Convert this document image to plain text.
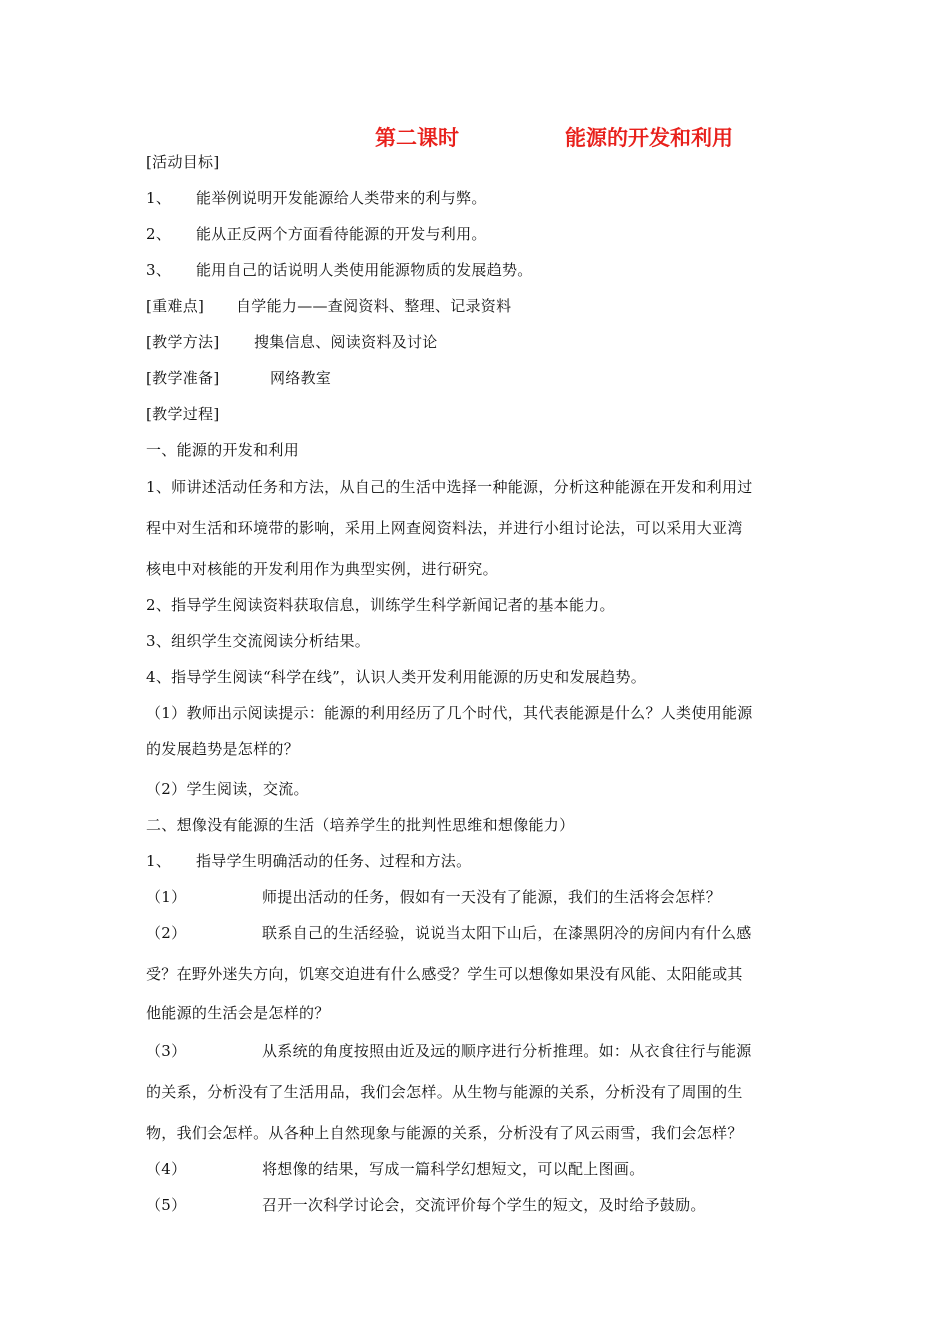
第二课时	能源的开发和利用
[活动目标]
1、 能举例说明开发能源给人类带来的利与弊。
2、 能从正反两个方面看待能源的开发与利用。
3、 能用自己的话说明人类使用能源物质的发展趋势。
[重难点] 自学能力——查阅资料、整理、记录资料
[教学方法] 搜集信息、阅读资料及讨论
[教学准备]	网络教室
[教学过程]
一、能源的开发和利用
1、师讲述活动任务和方法，从自己的生活中选择一种能源，分析这种能源在开发和利用过
程中对生活和环境带的影响，采用上网查阅资料法，并进行小组讨论法，可以采用大亚湾
核电中对核能的开发利用作为典型实例，进行研究。
2、指导学生阅读资料获取信息，训练学生科学新闻记者的基本能力。
3、组织学生交流阅读分析结果。
4、指导学生阅读“科学在线”，认识人类开发利用能源的历史和发展趋势。
（1）教师出示阅读提示：能源的利用经历了几个时代，其代表能源是什么？人类使用能源
的发展趋势是怎样的？
（2）学生阅读，交流。
二、想像没有能源的生活（培养学生的批判性思维和想像能力）
1、 指导学生明确活动的任务、过程和方法。
（1）	师提出活动的任务，假如有一天没有了能源，我们的生活将会怎样？
（2）	联系自己的生活经验，说说当太阳下山后，在漆黑阴冷的房间内有什么感
受？在野外迷失方向，饥寒交迫进有什么感受？学生可以想像如果没有风能、太阳能或其
他能源的生活会是怎样的？
（3）	从系统的角度按照由近及远的顺序进行分析推理。如：从衣食往行与能源
的关系，分析没有了生活用品，我们会怎样。从生物与能源的关系，分析没有了周围的生
物，我们会怎样。从各种上自然现象与能源的关系，分析没有了风云雨雪，我们会怎样？
（4）	将想像的结果，写成一篇科学幻想短文，可以配上图画。
（5）	召开一次科学讨论会，交流评价每个学生的短文，及时给予鼓励。
